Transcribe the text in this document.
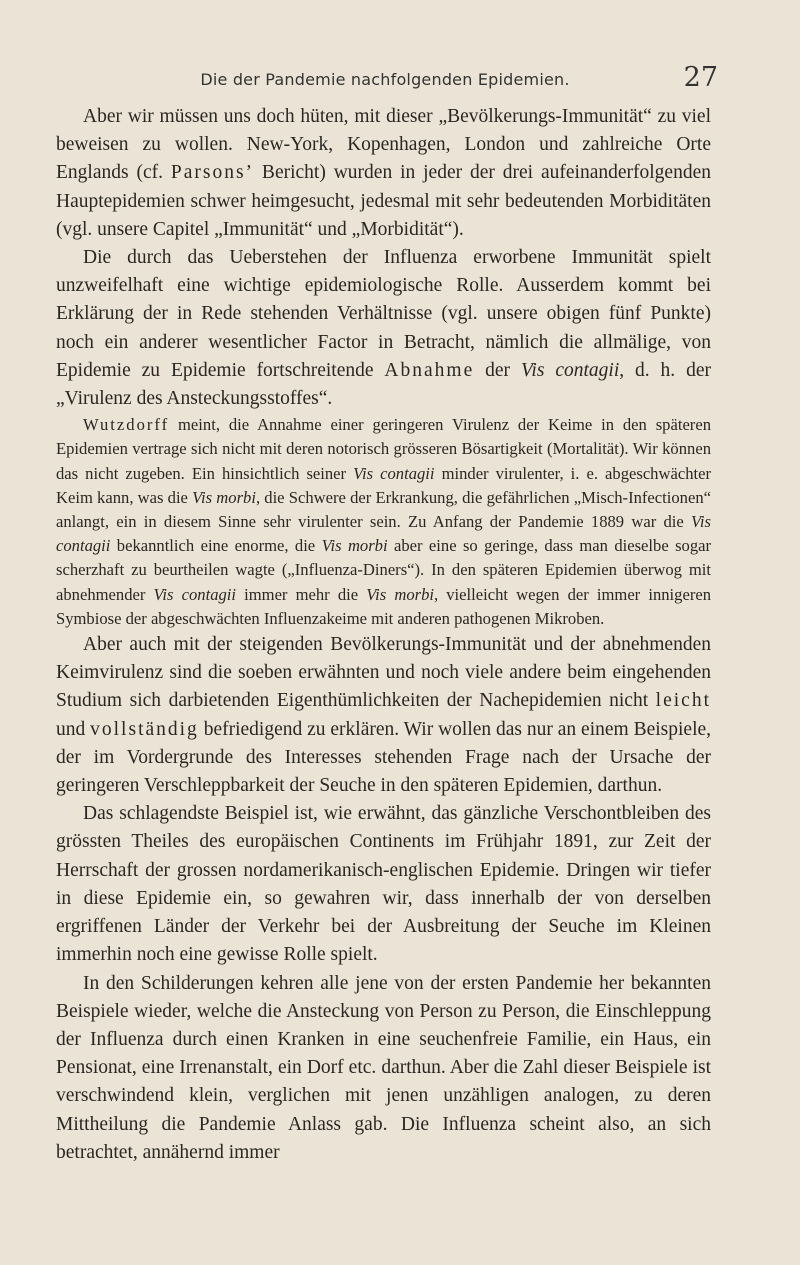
Die der Pandemie nachfolgenden Epidemien.	27

Aber wir müssen uns doch hüten, mit dieser „Bevölkerungs-Immunität“ zu viel beweisen zu wollen. New-York, Kopenhagen, London und zahlreiche Orte Englands (cf. Parsons’ Bericht) wurden in jeder der drei aufeinanderfolgenden Hauptepidemien schwer heimgesucht, jedesmal mit sehr bedeutenden Morbiditäten (vgl. unsere Capitel „Immunität“ und „Morbidität“).

Die durch das Ueberstehen der Influenza erworbene Immunität spielt unzweifelhaft eine wichtige epidemiologische Rolle. Ausserdem kommt bei Erklärung der in Rede stehenden Verhältnisse (vgl. unsere obigen fünf Punkte) noch ein anderer wesentlicher Factor in Betracht, nämlich die allmälige, von Epidemie zu Epidemie fortschreitende Abnahme der Vis contagii, d. h. der „Virulenz des Ansteckungsstoffes“.

Wutzdorff meint, die Annahme einer geringeren Virulenz der Keime in den späteren Epidemien vertrage sich nicht mit deren notorisch grösseren Bösartigkeit (Mortalität). Wir können das nicht zugeben. Ein hinsichtlich seiner Vis contagii minder virulenter, i. e. abgeschwächter Keim kann, was die Vis morbi, die Schwere der Erkrankung, die gefährlichen „Misch-Infectionen“ anlangt, ein in diesem Sinne sehr virulenter sein. Zu Anfang der Pandemie 1889 war die Vis contagii bekanntlich eine enorme, die Vis morbi aber eine so geringe, dass man dieselbe sogar scherzhaft zu beurtheilen wagte („Influenza-Diners“). In den späteren Epidemien überwog mit abnehmender Vis contagii immer mehr die Vis morbi, vielleicht wegen der immer innigeren Symbiose der abgeschwächten Influenzakeime mit anderen pathogenen Mikroben.

Aber auch mit der steigenden Bevölkerungs-Immunität und der abnehmenden Keimvirulenz sind die soeben erwähnten und noch viele andere beim eingehenden Studium sich darbietenden Eigenthümlichkeiten der Nachepidemien nicht leicht und vollständig befriedigend zu erklären. Wir wollen das nur an einem Beispiele, der im Vordergrunde des Interesses stehenden Frage nach der Ursache der geringeren Verschleppbarkeit der Seuche in den späteren Epidemien, darthun.

Das schlagendste Beispiel ist, wie erwähnt, das gänzliche Verschontbleiben des grössten Theiles des europäischen Continents im Frühjahr 1891, zur Zeit der Herrschaft der grossen nordamerikanisch-englischen Epidemie. Dringen wir tiefer in diese Epidemie ein, so gewahren wir, dass innerhalb der von derselben ergriffenen Länder der Verkehr bei der Ausbreitung der Seuche im Kleinen immerhin noch eine gewisse Rolle spielt.

In den Schilderungen kehren alle jene von der ersten Pandemie her bekannten Beispiele wieder, welche die Ansteckung von Person zu Person, die Einschleppung der Influenza durch einen Kranken in eine seuchenfreie Familie, ein Haus, ein Pensionat, eine Irrenanstalt, ein Dorf etc. darthun. Aber die Zahl dieser Beispiele ist verschwindend klein, verglichen mit jenen unzähligen analogen, zu deren Mittheilung die Pandemie Anlass gab. Die Influenza scheint also, an sich betrachtet, annähernd immer
